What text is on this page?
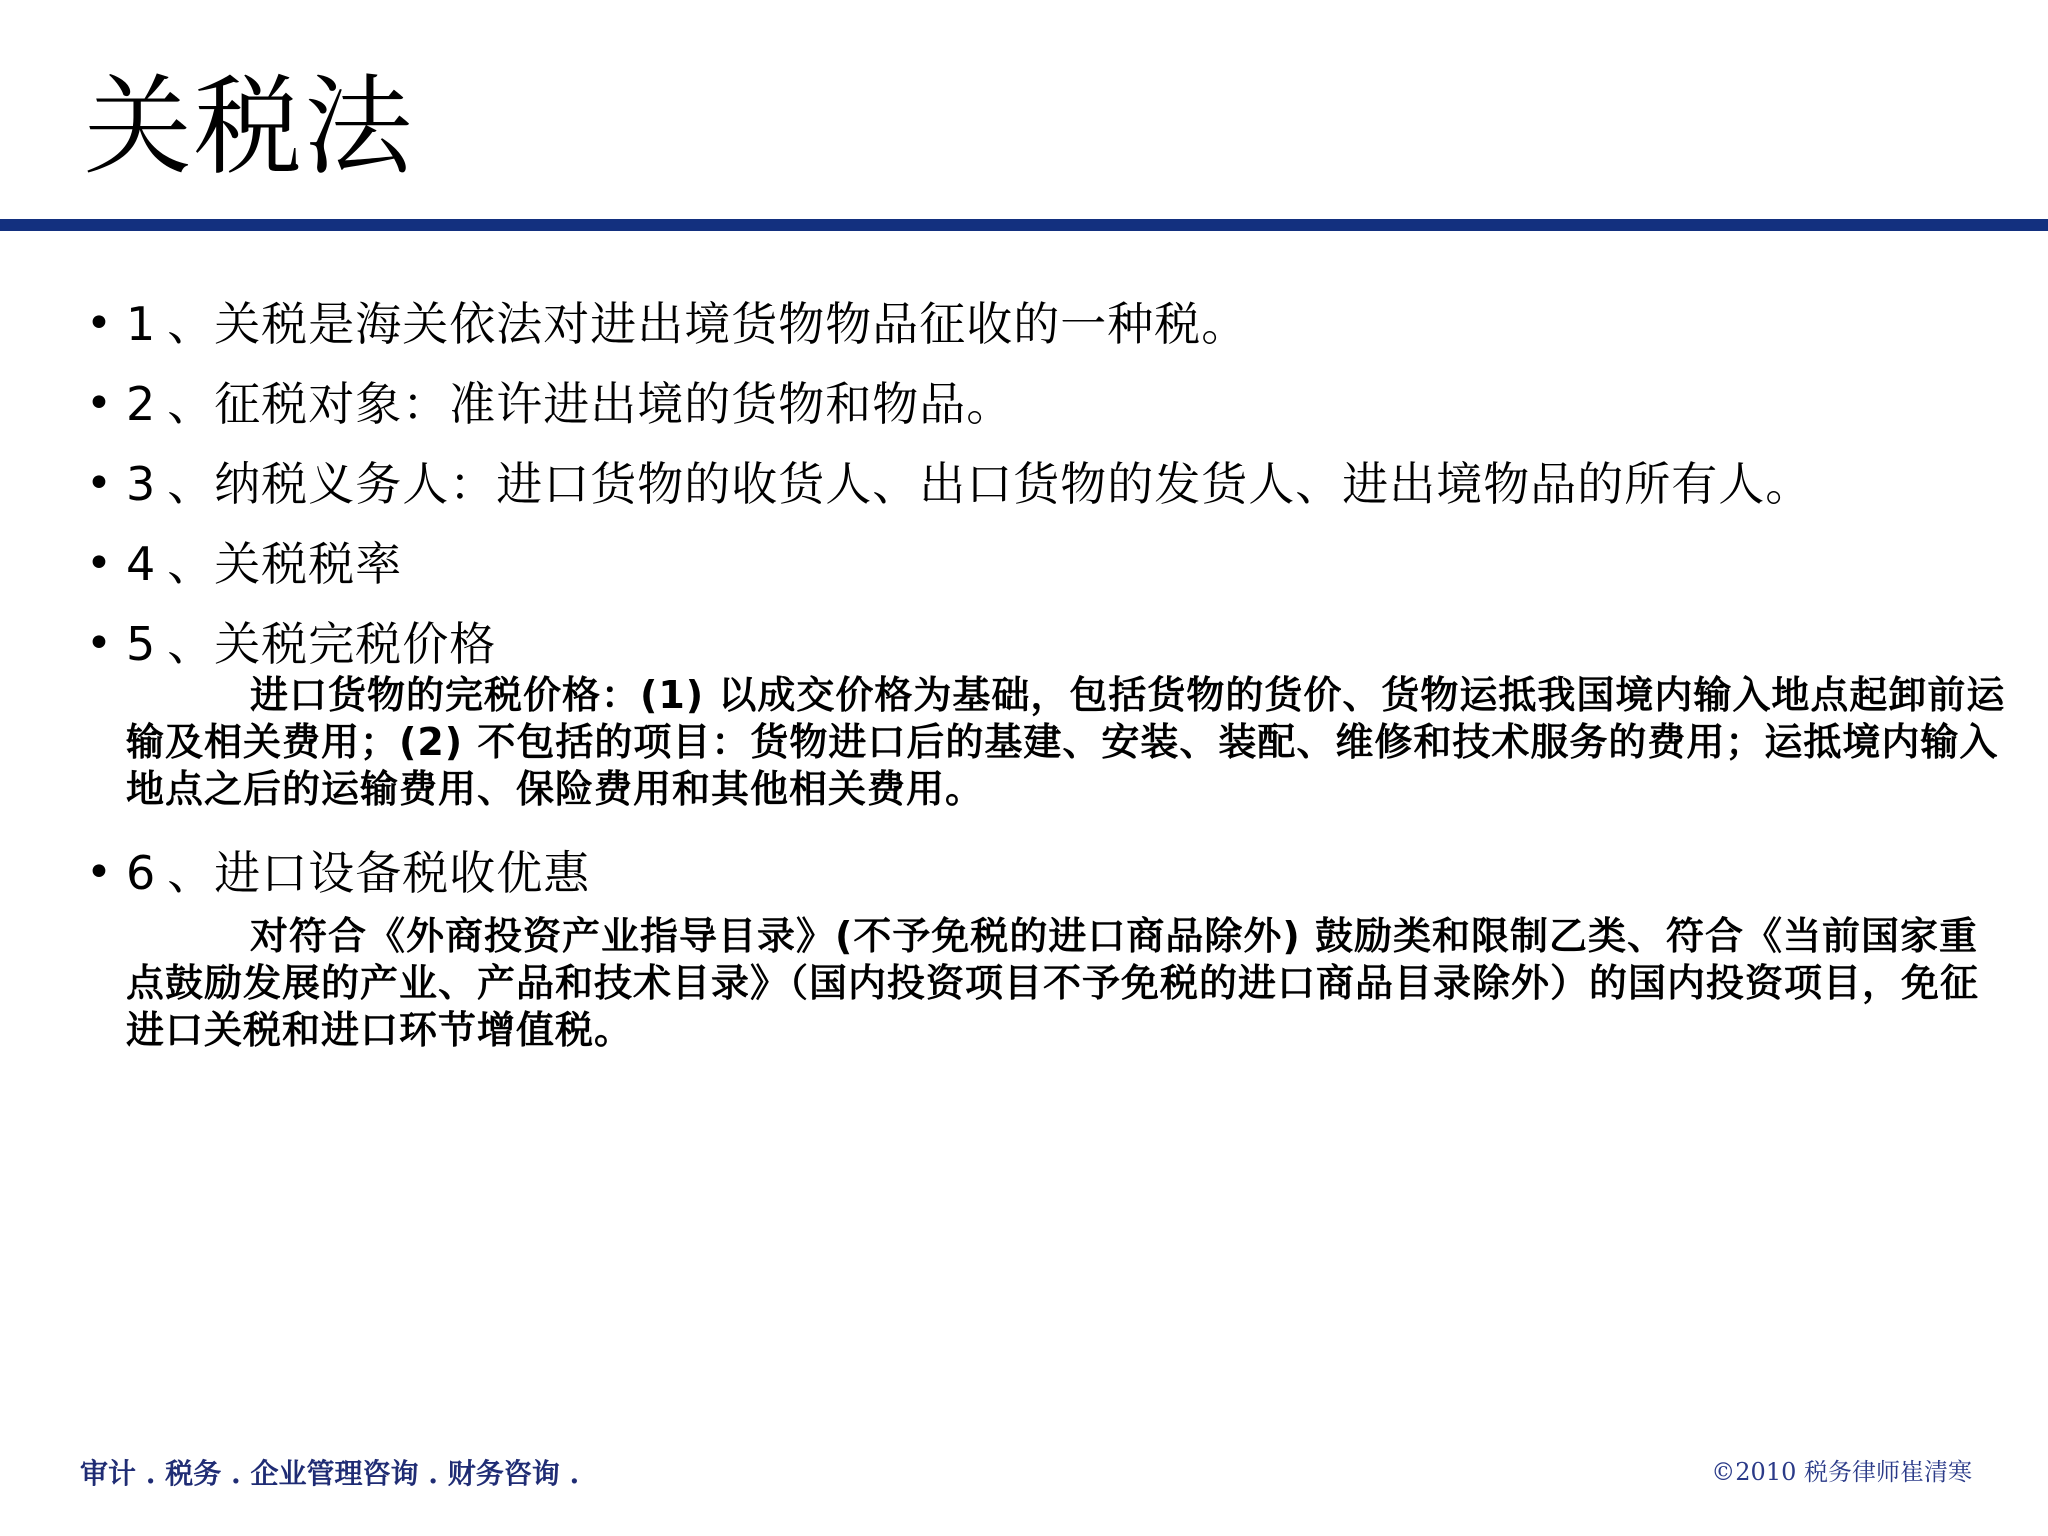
关税法
• 1 、关税是海关依法对进出境货物物品征收的一种税。
• 2 、征税对象：准许进出境的货物和物品。
• 3 、纳税义务人：进口货物的收货人、出口货物的发货人、进出境物品的所有人。
• 4 、关税税率
• 5 、关税完税价格
进口货物的完税价格：(1) 以成交价格为基础，包括货物的货价、货物运抵我国境内输入地点起卸前运输及相关费用；(2) 不包括的项目：货物进口后的基建、安装、装配、维修和技术服务的费用；运抵境内输入地点之后的运输费用、保险费用和其他相关费用。
• 6 、进口设备税收优惠
对符合《外商投资产业指导目录》(不予免税的进口商品除外) 鼓励类和限制乙类、符合《当前国家重点鼓励发展的产业、产品和技术目录》（国内投资项目不予免税的进口商品目录除外）的国内投资项目，免征进口关税和进口环节增值税。
审计 . 税务 . 企业管理咨询 . 财务咨询 .	©2010 税务律师崔清寒
